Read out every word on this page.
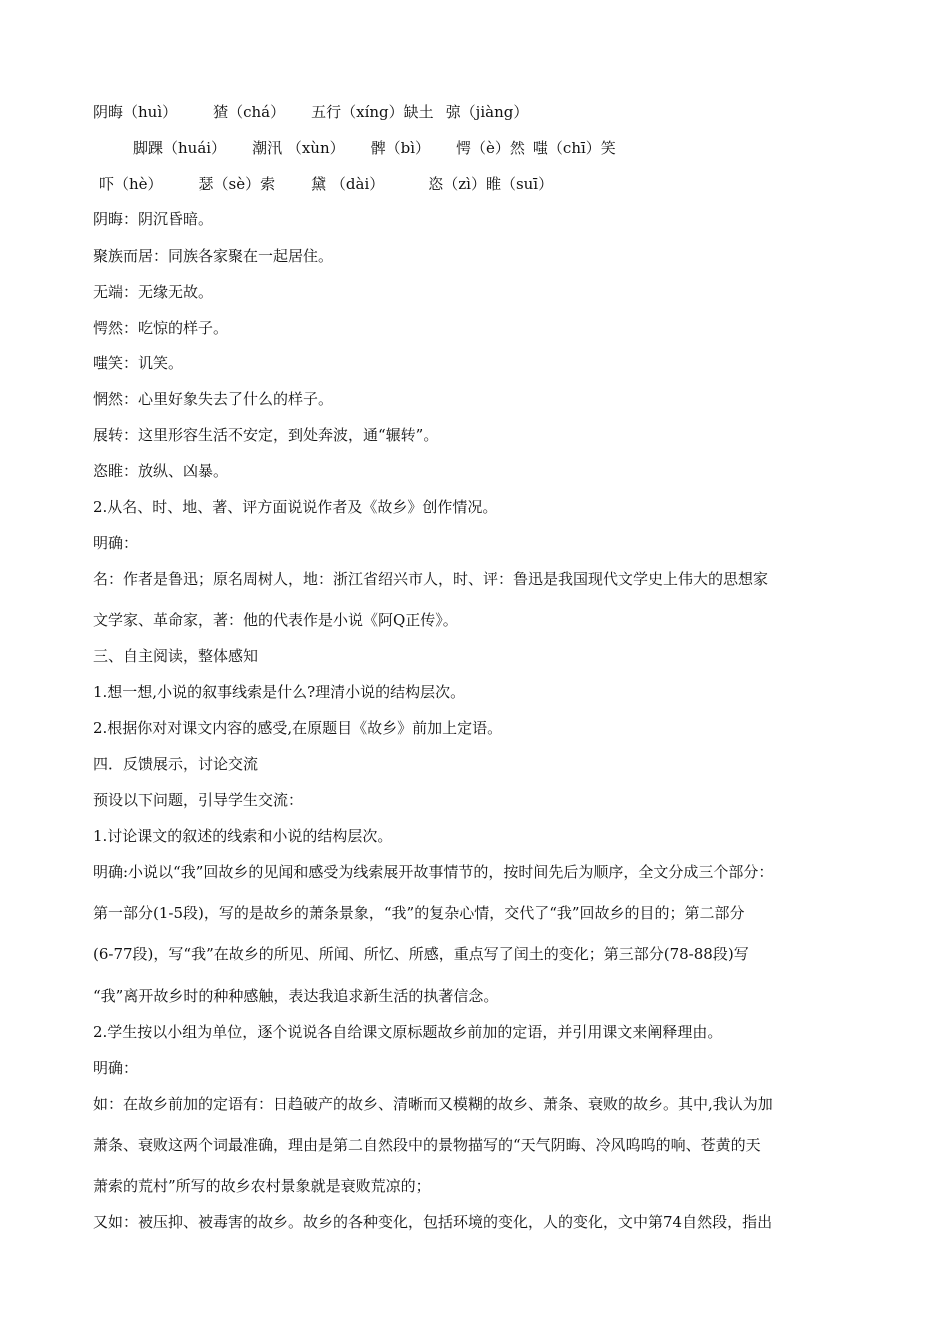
阴晦（huì） 猹（chá） 五行（xíng）缺土 弶（jiàng）
脚踝（huái） 潮汛 （xùn） 髀（bì） 愕（è）然 嗤（chī）笑
吓（hè） 瑟（sè）索 黛 （dài）	恣（zì）睢（suī）
阴晦：阴沉昏暗。
聚族而居：同族各家聚在一起居住。
无端：无缘无故。
愕然：吃惊的样子。
嗤笑：讥笑。
惘然：心里好象失去了什么的样子。
展转：这里形容生活不安定，到处奔波，通“辗转”。
恣睢：放纵、凶暴。
2.从名、时、地、著、评方面说说作者及《故乡》创作情况。
明确：
名：作者是鲁迅；原名周树人，地：浙江省绍兴市人，时、评：鲁迅是我国现代文学史上伟大的思想家
文学家、革命家，著：他的代表作是小说《阿Q正传》。
三、自主阅读，整体感知
1.想一想,小说的叙事线索是什么?理清小说的结构层次。
2.根据你对对课文内容的感受,在原题目《故乡》前加上定语。
四．反馈展示，讨论交流
预设以下问题，引导学生交流：
1.讨论课文的叙述的线索和小说的结构层次。
明确:小说以“我”回故乡的见闻和感受为线索展开故事情节的，按时间先后为顺序，全文分成三个部分：
第一部分(1-5段)，写的是故乡的萧条景象，“我”的复杂心情，交代了“我”回故乡的目的；第二部分
(6-77段)，写“我”在故乡的所见、所闻、所忆、所感，重点写了闰土的变化；第三部分(78-88段)写
“我”离开故乡时的种种感触，表达我追求新生活的执著信念。
2.学生按以小组为单位，逐个说说各自给课文原标题故乡前加的定语，并引用课文来阐释理由。
明确：
如：在故乡前加的定语有：日趋破产的故乡、清晰而又模糊的故乡、萧条、衰败的故乡。其中,我认为加
萧条、衰败这两个词最准确，理由是第二自然段中的景物描写的“天气阴晦、冷风呜呜的响、苍黄的天
萧索的荒村”所写的故乡农村景象就是衰败荒凉的；
又如：被压抑、被毒害的故乡。故乡的各种变化，包括环境的变化，人的变化，文中第74自然段，指出
